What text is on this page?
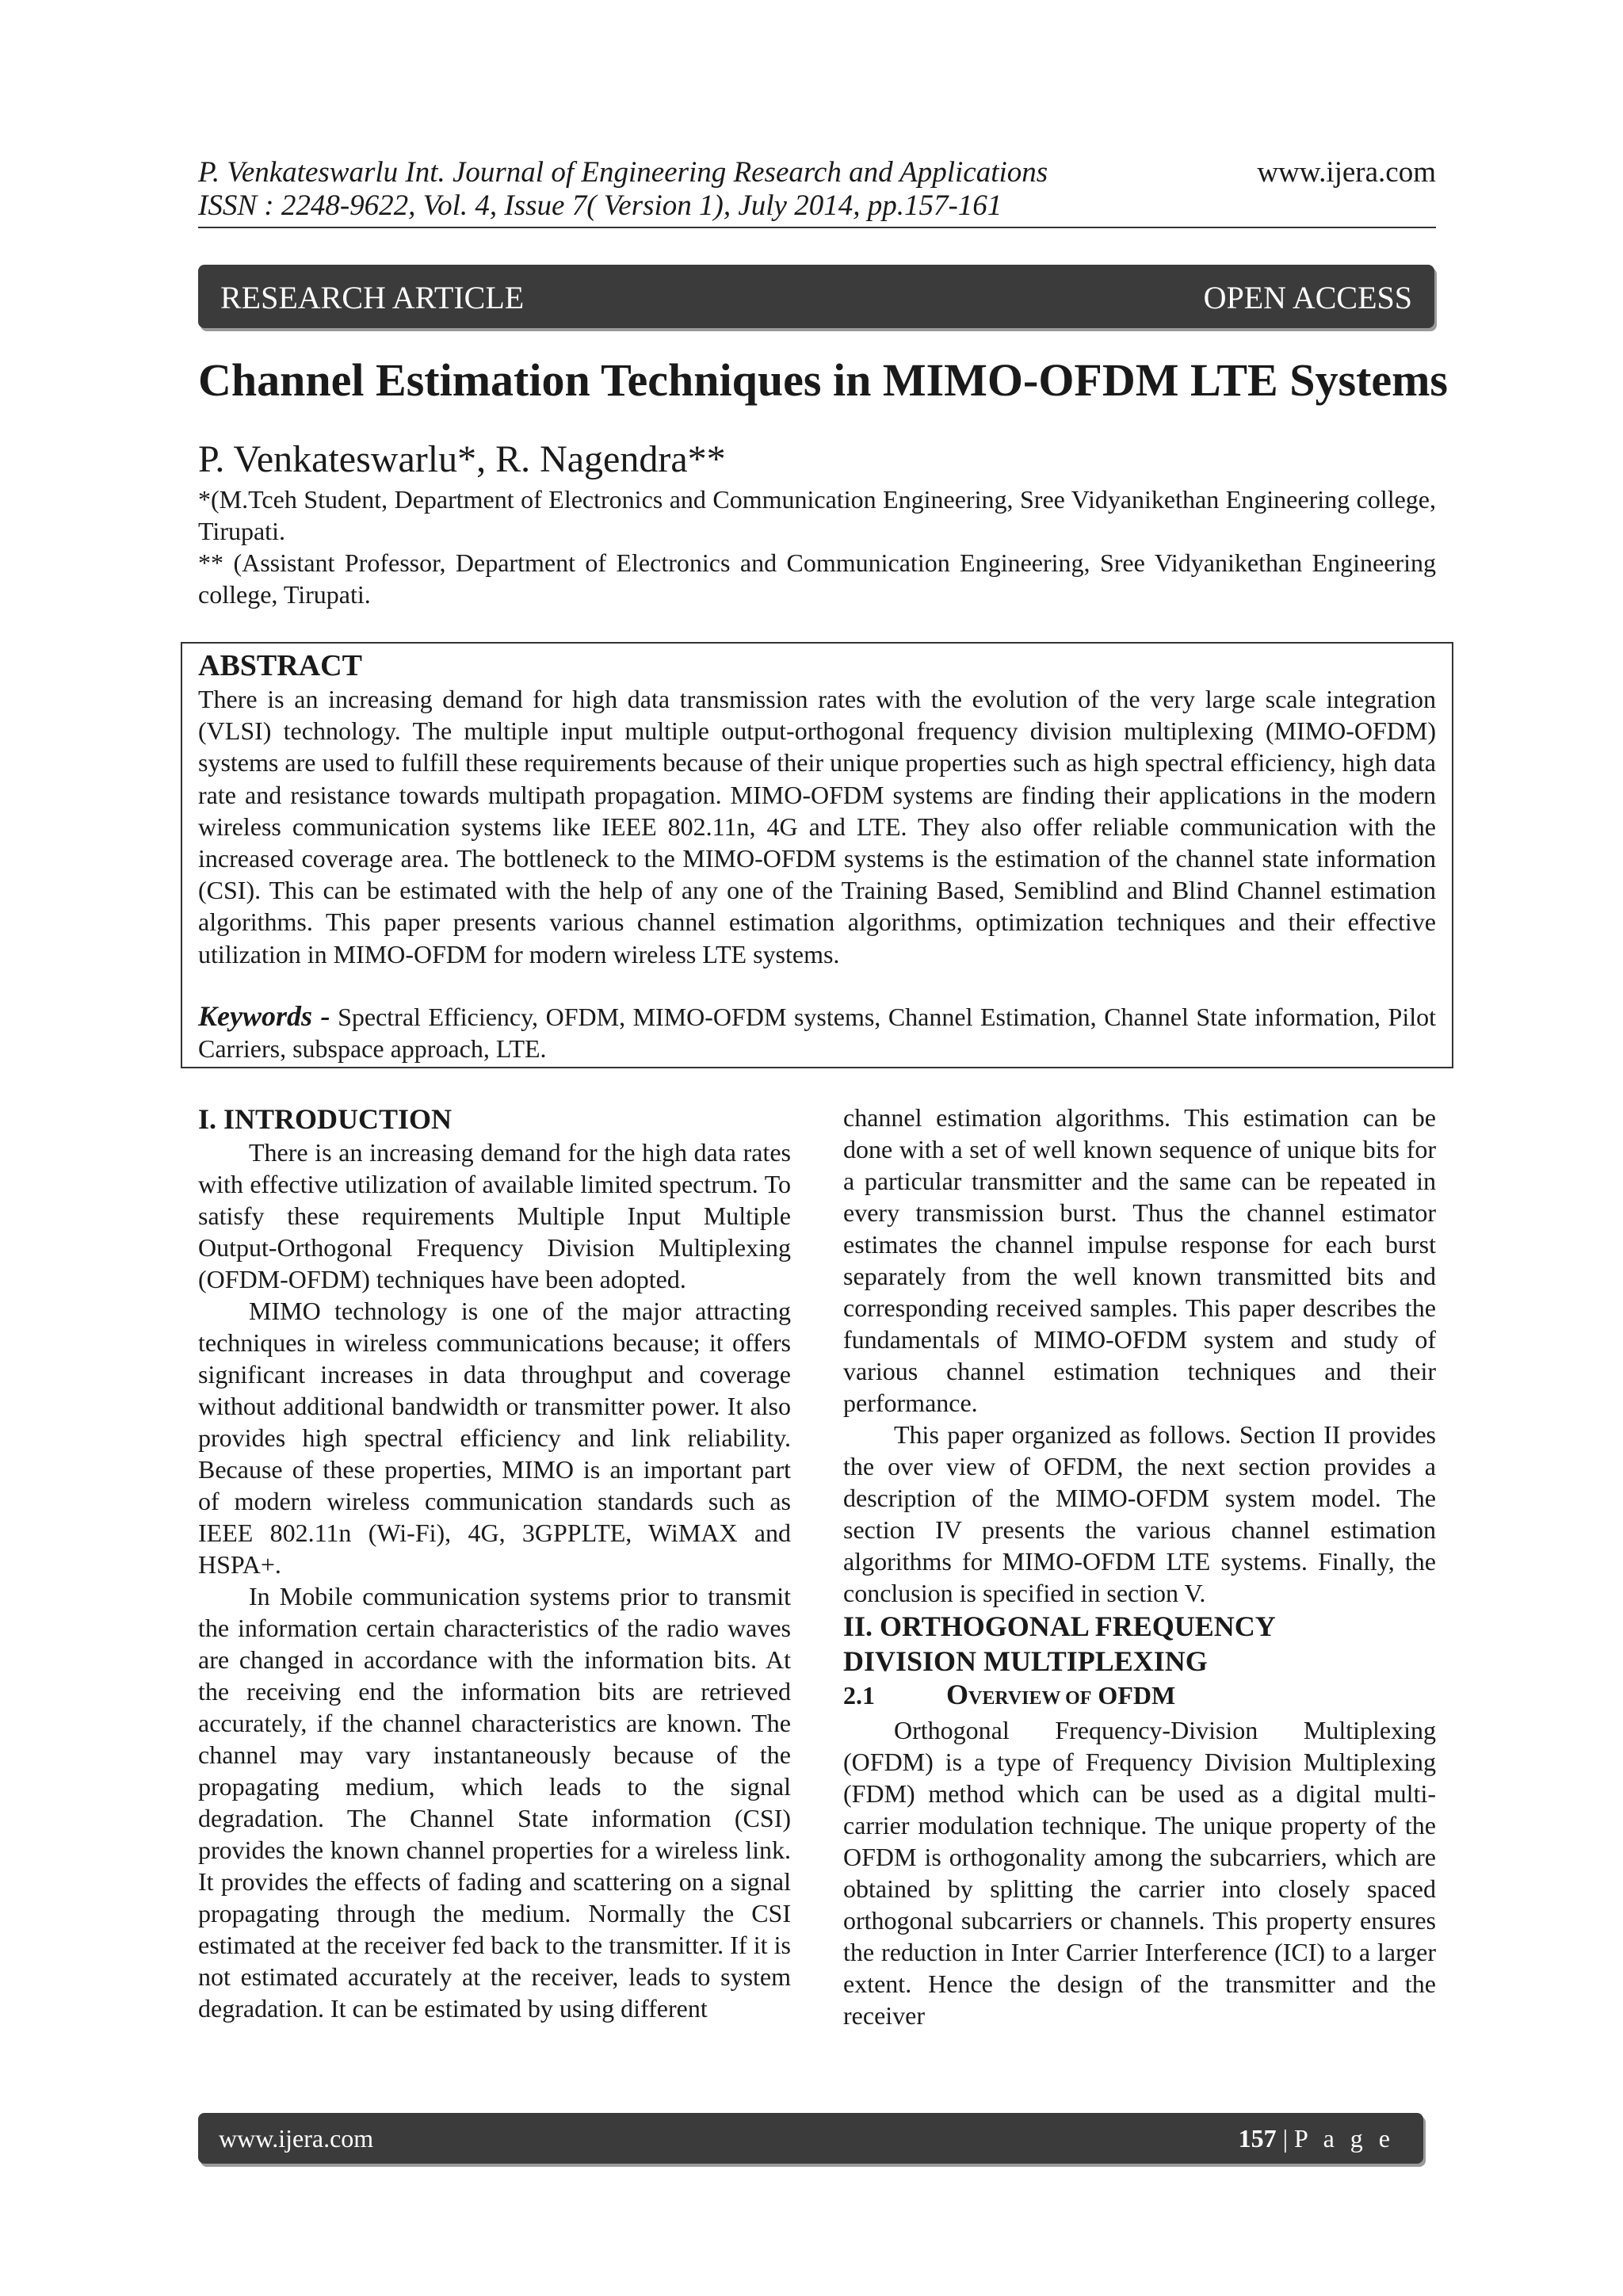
P. Venkateswarlu Int. Journal of Engineering Research and Applications	www.ijera.com
ISSN : 2248-9622, Vol. 4, Issue 7( Version 1), July 2014, pp.157-161
RESEARCH ARTICLE	OPEN ACCESS
Channel Estimation Techniques in MIMO-OFDM LTE Systems
P. Venkateswarlu*, R. Nagendra**

*(M.Tceh Student, Department of Electronics and Communication Engineering, Sree Vidyanikethan Engineering college, Tirupati.

** (Assistant Professor, Department of Electronics and Communication Engineering, Sree Vidyanikethan Engineering college, Tirupati.

ABSTRACT

There is an increasing demand for high data transmission rates with the evolution of the very large scale integration (VLSI) technology. The multiple input multiple output-orthogonal frequency division multiplexing (MIMO-OFDM) systems are used to fulfill these requirements because of their unique properties such as high spectral efficiency, high data rate and resistance towards multipath propagation. MIMO-OFDM systems are finding their applications in the modern wireless communication systems like IEEE 802.11n, 4G and LTE. They also offer reliable communication with the increased coverage area. The bottleneck to the MIMO-OFDM systems is the estimation of the channel state information (CSI). This can be estimated with the help of any one of the Training Based, Semiblind and Blind Channel estimation algorithms. This paper presents various channel estimation algorithms, optimization techniques and their effective utilization in MIMO-OFDM for modern wireless LTE systems.

Keywords - Spectral Efficiency, OFDM, MIMO-OFDM systems, Channel Estimation, Channel State information, Pilot Carriers, subspace approach, LTE.

I. INTRODUCTION

There is an increasing demand for the high data rates with effective utilization of available limited spectrum. To satisfy these requirements Multiple Input Multiple Output-Orthogonal Frequency Division Multiplexing (OFDM-OFDM) techniques have been adopted.

MIMO technology is one of the major attracting techniques in wireless communications because; it offers significant increases in data throughput and coverage without additional bandwidth or transmitter power. It also provides high spectral efficiency and link reliability. Because of these properties, MIMO is an important part of modern wireless communication standards such as IEEE 802.11n (Wi-Fi), 4G, 3GPPLTE, WiMAX and HSPA+.

In Mobile communication systems prior to transmit the information certain characteristics of the radio waves are changed in accordance with the information bits. At the receiving end the information bits are retrieved accurately, if the channel characteristics are known. The channel may vary instantaneously because of the propagating medium, which leads to the signal degradation. The Channel State information (CSI) provides the known channel properties for a wireless link. It provides the effects of fading and scattering on a signal propagating through the medium. Normally the CSI estimated at the receiver fed back to the transmitter. If it is not estimated accurately at the receiver, leads to system degradation. It can be estimated by using different

channel estimation algorithms. This estimation can be done with a set of well known sequence of unique bits for a particular transmitter and the same can be repeated in every transmission burst. Thus the channel estimator estimates the channel impulse response for each burst separately from the well known transmitted bits and corresponding received samples. This paper describes the fundamentals of MIMO-OFDM system and study of various channel estimation techniques and their performance.

This paper organized as follows. Section II provides the over view of OFDM, the next section provides a description of the MIMO-OFDM system model. The section IV presents the various channel estimation algorithms for MIMO-OFDM LTE systems. Finally, the conclusion is specified in section V.

II. ORTHOGONAL FREQUENCY
DIVISION MULTIPLEXING

2.1	OVERVIEW OF OFDM

Orthogonal Frequency-Division Multiplexing (OFDM) is a type of Frequency Division Multiplexing (FDM) method which can be used as a digital multi-carrier modulation technique. The unique property of the OFDM is orthogonality among the subcarriers, which are obtained by splitting the carrier into closely spaced orthogonal subcarriers or channels. This property ensures the reduction in Inter Carrier Interference (ICI) to a larger extent. Hence the design of the transmitter and the receiver

www.ijera.com	157 | P a g e
